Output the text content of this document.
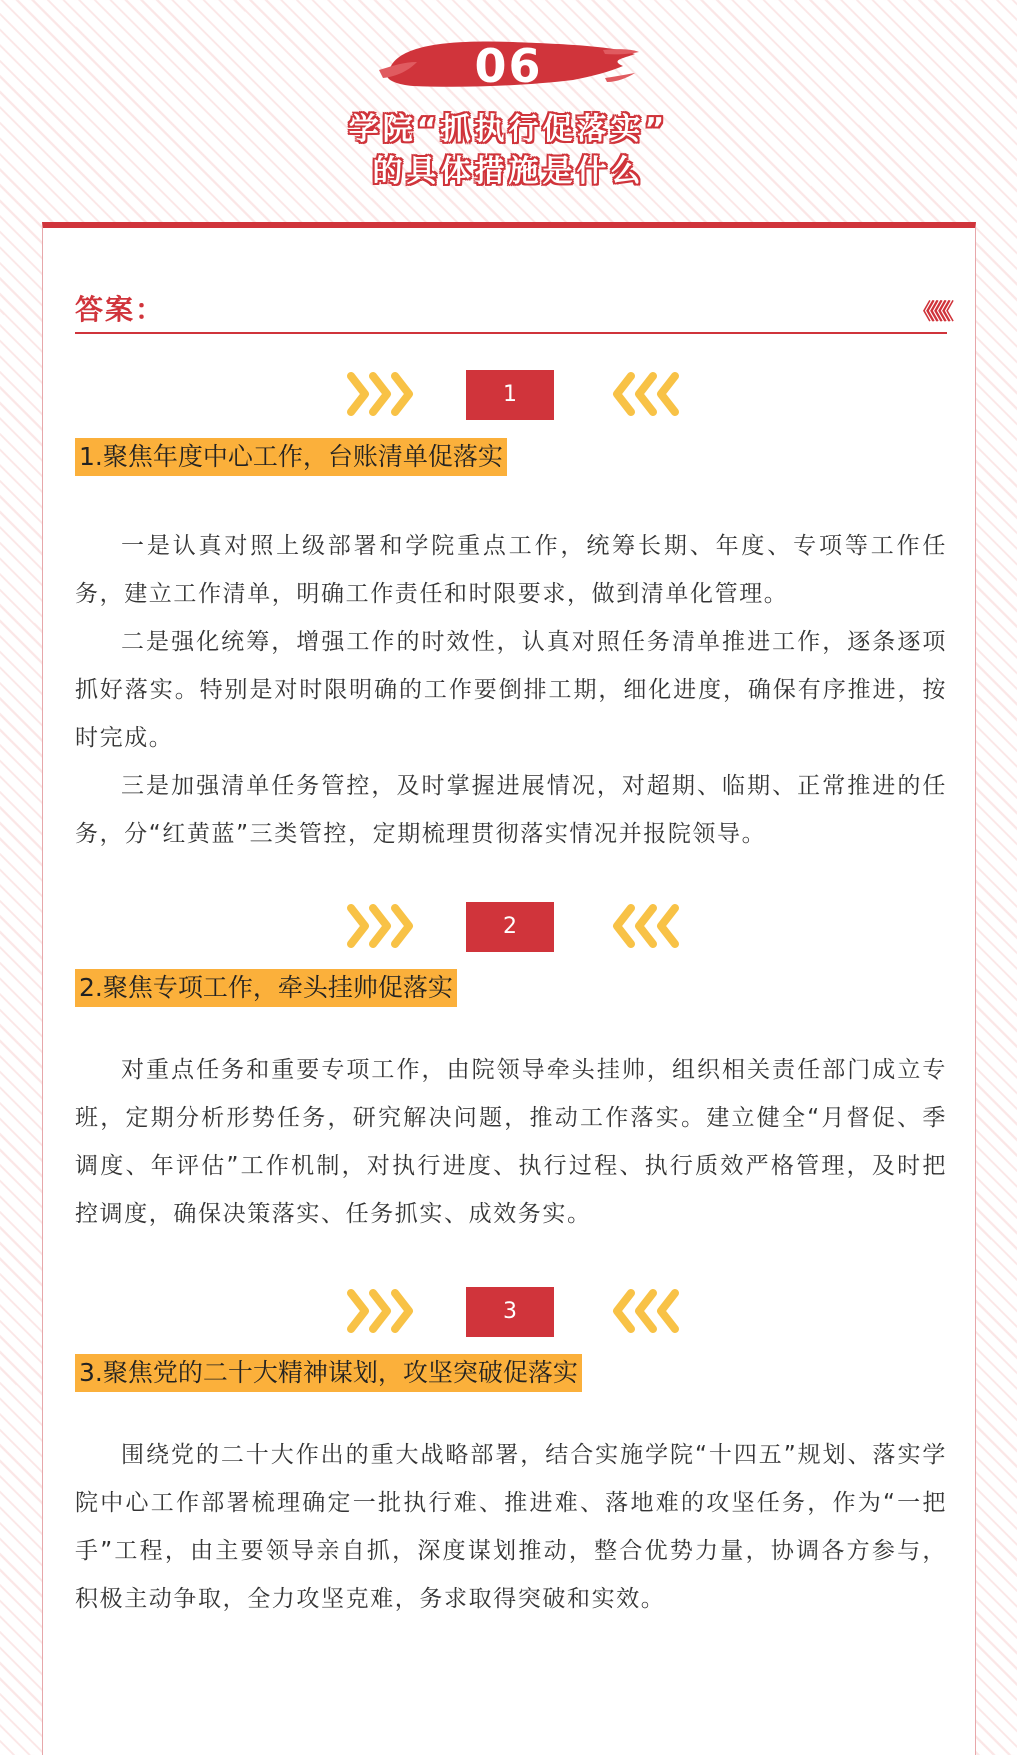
06
学院“抓执行促落实”
的具体措施是什么
答案：	《《《《《《
1
1.聚焦年度中心工作，台账清单促落实

一是认真对照上级部署和学院重点工作，统筹长期、年度、专项等工作任务，建立工作清单，明确工作责任和时限要求，做到清单化管理。

二是强化统筹，增强工作的时效性，认真对照任务清单推进工作，逐条逐项抓好落实。特别是对时限明确的工作要倒排工期，细化进度，确保有序推进，按时完成。

三是加强清单任务管控，及时掌握进展情况，对超期、临期、正常推进的任务，分“红黄蓝”三类管控，定期梳理贯彻落实情况并报院领导。

2
2.聚焦专项工作，牵头挂帅促落实

对重点任务和重要专项工作，由院领导牵头挂帅，组织相关责任部门成立专班，定期分析形势任务，研究解决问题，推动工作落实。建立健全“月督促、季调度、年评估”工作机制，对执行进度、执行过程、执行质效严格管理，及时把控调度，确保决策落实、任务抓实、成效务实。

3
3.聚焦党的二十大精神谋划，攻坚突破促落实

围绕党的二十大作出的重大战略部署，结合实施学院“十四五”规划、落实学院中心工作部署梳理确定一批执行难、推进难、落地难的攻坚任务，作为“一把手”工程，由主要领导亲自抓，深度谋划推动，整合优势力量，协调各方参与，积极主动争取，全力攻坚克难，务求取得突破和实效。
